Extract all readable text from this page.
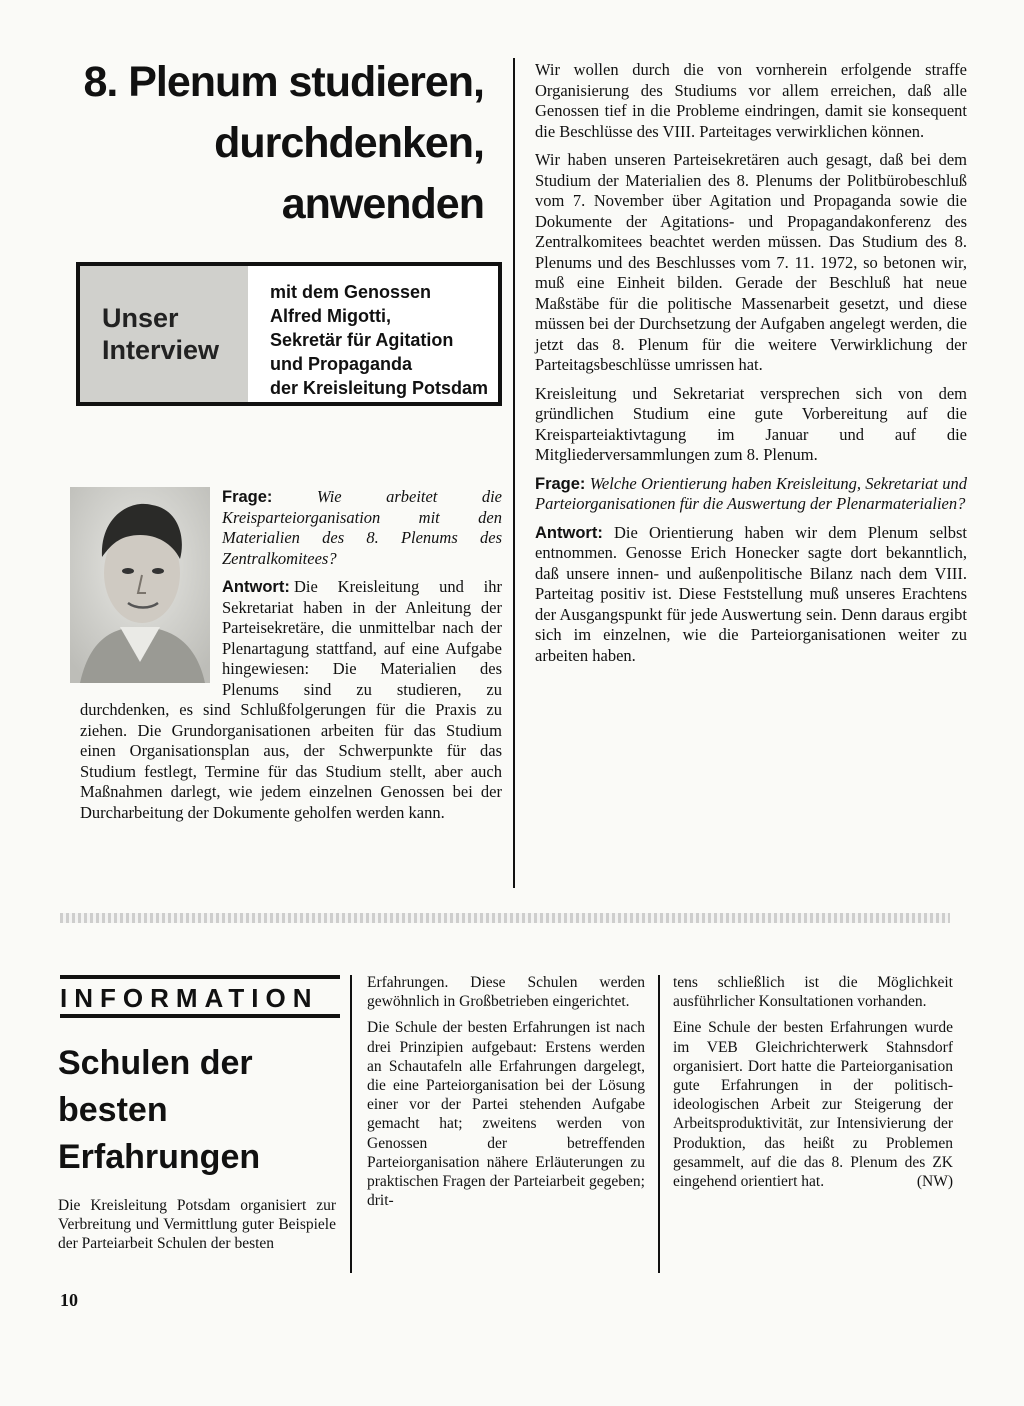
8. Plenum studieren,
durchdenken,
anwenden
Unser
Interview
mit dem Genossen
Alfred Migotti,
Sekretär für Agitation
und Propaganda
der Kreisleitung Potsdam
Frage:	Wie arbeitet die Kreisparteiorganisation mit den Materialien des 8. Plenums des Zentralkomitees?
Antwort: Die Kreisleitung und ihr Sekretariat haben in der Anleitung der Parteisekretäre, die unmittelbar nach der Plenartagung stattfand, auf eine Aufgabe hingewiesen: Die Materialien des Plenums sind zu studieren, zu durchdenken, es sind Schlußfolgerungen für die Praxis zu ziehen. Die Grundorganisationen arbeiten für das Studium einen Organisationsplan aus, der Schwerpunkte für das Studium festlegt, Termine für das Studium stellt, aber auch Maßnahmen darlegt, wie jedem einzelnen Genossen bei der Durcharbeitung der Dokumente geholfen werden kann.

Wir wollen durch die von vornherein erfolgende straffe Organisierung des Studiums vor allem erreichen, daß alle Genossen tief in die Probleme eindringen, damit sie konsequent die Beschlüsse des VIII. Parteitages verwirklichen können.

Wir haben unseren Parteisekretären auch gesagt, daß bei dem Studium der Materialien des 8. Plenums der Politbürobeschluß vom 7. November über Agitation und Propaganda sowie die Dokumente der Agitations- und Propagandakonferenz des Zentralkomitees beachtet werden müssen. Das Studium des 8. Plenums und des Beschlusses vom 7. 11. 1972, so betonen wir, muß eine Einheit bilden. Gerade der Beschluß hat neue Maßstäbe für die politische Massenarbeit gesetzt, und diese müssen bei der Durchsetzung der Aufgaben angelegt werden, die jetzt das 8. Plenum für die weitere Verwirklichung der Parteitagsbeschlüsse umrissen hat.

Kreisleitung und Sekretariat versprechen sich von dem gründlichen Studium eine gute Vorbereitung auf die Kreisparteiaktivtagung im Januar und auf die Mitgliederversammlungen zum 8. Plenum.

Frage: Welche Orientierung haben Kreisleitung, Sekretariat und Parteiorganisationen für die Auswertung der Plenarmaterialien?

Antwort: Die Orientierung haben wir dem Plenum selbst entnommen. Genosse Erich Honecker sagte dort bekanntlich, daß unsere innen- und außenpolitische Bilanz nach dem VIII. Parteitag positiv ist. Diese Feststellung muß unseres Erachtens der Ausgangspunkt für jede Auswertung sein. Denn daraus ergibt sich im einzelnen, wie die Parteiorganisationen weiter zu arbeiten haben.

INFORMATION
Schulen der
besten
Erfahrungen

Die Kreisleitung Potsdam organisiert zur Verbreitung und Vermittlung guter Beispiele der Parteiarbeit Schulen der besten

Erfahrungen. Diese Schulen werden gewöhnlich in Großbetrieben eingerichtet.

Die Schule der besten Erfahrungen ist nach drei Prinzipien aufgebaut: Erstens werden an Schautafeln alle Erfahrungen dargelegt, die eine Parteiorganisation bei der Lösung einer vor der Partei stehenden Aufgabe gemacht hat; zweitens werden von Genossen der betreffenden Parteiorganisation nähere Erläuterungen zu praktischen Fragen der Parteiarbeit gegeben; drit-

tens schließlich ist die Möglichkeit ausführlicher Konsultationen vorhanden.

Eine Schule der besten Erfahrungen wurde im VEB Gleichrichterwerk Stahnsdorf organisiert. Dort hatte die Parteiorganisation gute Erfahrungen in der politisch-ideologischen Arbeit zur Steigerung der Arbeitsproduktivität, zur Intensivierung der Produktion, das heißt zu Problemen gesammelt, auf die das 8. Plenum des ZK eingehend orientiert hat.	(NW)

10
